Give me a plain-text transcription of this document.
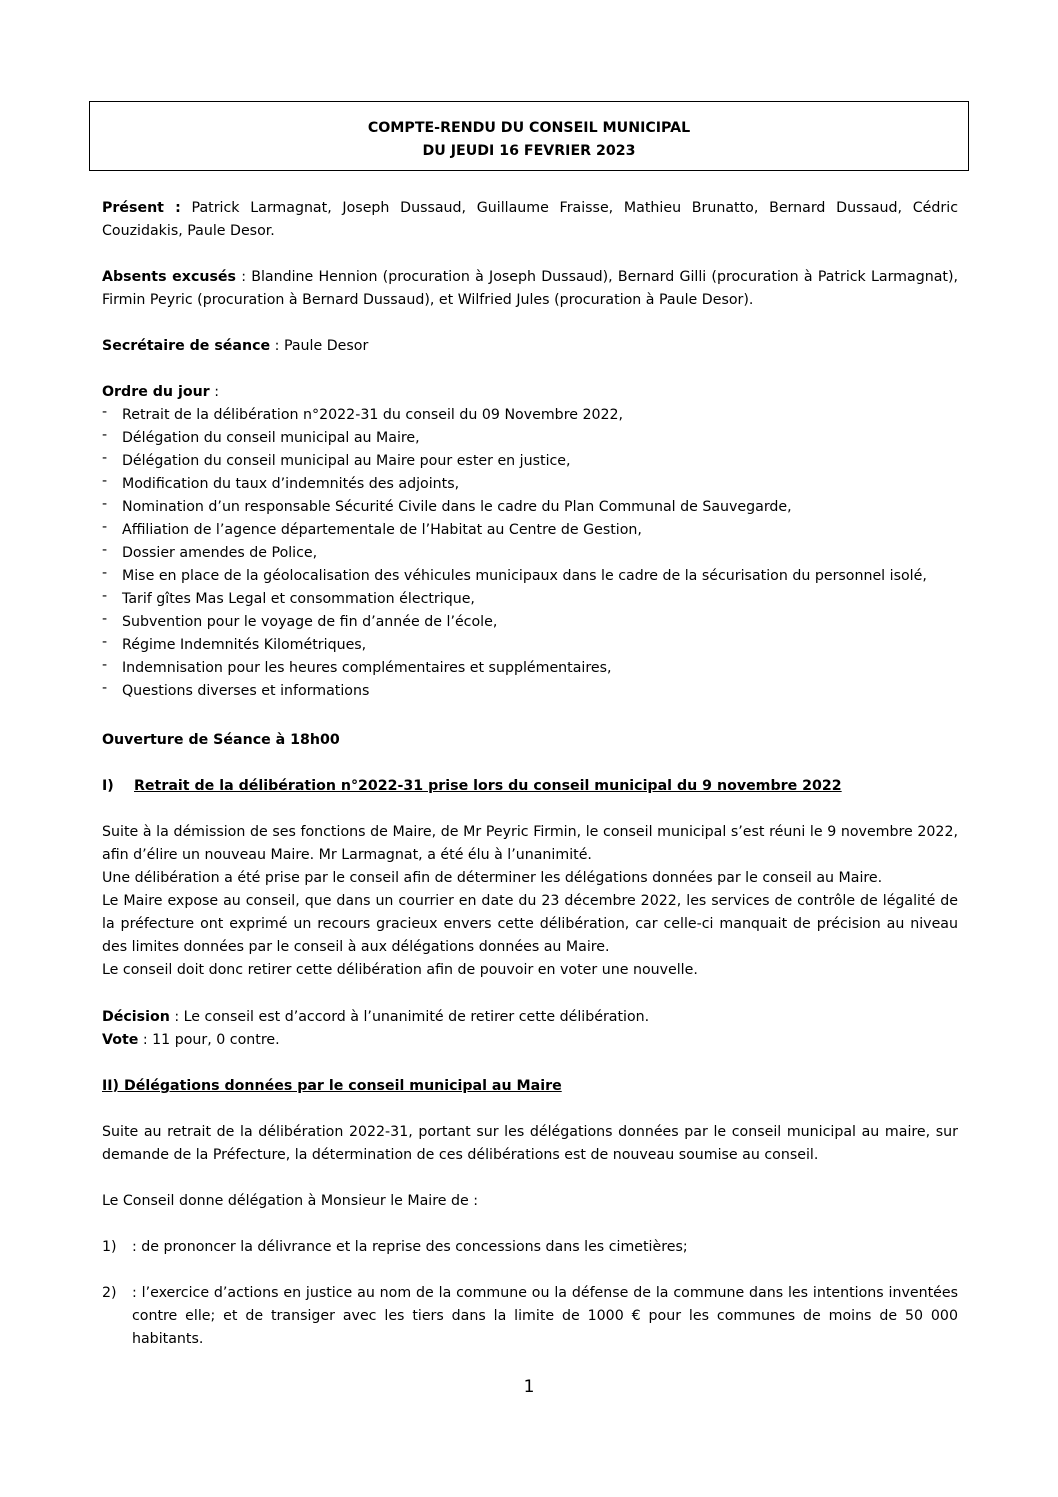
COMPTE-RENDU DU CONSEIL MUNICIPAL
DU JEUDI 16 FEVRIER 2023
Présent : Patrick Larmagnat, Joseph Dussaud, Guillaume Fraisse, Mathieu Brunatto, Bernard Dussaud, Cédric Couzidakis, Paule Desor.
Absents excusés : Blandine Hennion (procuration à Joseph Dussaud), Bernard Gilli (procuration à Patrick Larmagnat), Firmin Peyric (procuration à Bernard Dussaud), et Wilfried Jules (procuration à Paule Desor).
Secrétaire de séance : Paule Desor
Ordre du jour :
- Retrait de la délibération n°2022-31 du conseil du 09 Novembre 2022,
- Délégation du conseil municipal au Maire,
- Délégation du conseil municipal au Maire pour ester en justice,
- Modification du taux d’indemnités des adjoints,
- Nomination d’un responsable Sécurité Civile dans le cadre du Plan Communal de Sauvegarde,
- Affiliation de l’agence départementale de l’Habitat au Centre de Gestion,
- Dossier amendes de Police,
- Mise en place de la géolocalisation des véhicules municipaux dans le cadre de la sécurisation du personnel isolé,
- Tarif gîtes Mas Legal et consommation électrique,
- Subvention pour le voyage de fin d’année de l’école,
- Régime Indemnités Kilométriques,
- Indemnisation pour les heures complémentaires et supplémentaires,
- Questions diverses et informations
Ouverture de Séance à 18h00
I) Retrait de la délibération n°2022-31 prise lors du conseil municipal du 9 novembre 2022
Suite à la démission de ses fonctions de Maire, de Mr Peyric Firmin, le conseil municipal s’est réuni le 9 novembre 2022, afin d’élire un nouveau Maire. Mr Larmagnat, a été élu à l’unanimité.
Une délibération a été prise par le conseil afin de déterminer les délégations données par le conseil au Maire.
Le Maire expose au conseil, que dans un courrier en date du 23 décembre 2022, les services de contrôle de légalité de la préfecture ont exprimé un recours gracieux envers cette délibération, car celle-ci manquait de précision au niveau des limites données par le conseil à aux délégations données au Maire.
Le conseil doit donc retirer cette délibération afin de pouvoir en voter une nouvelle.
Décision : Le conseil est d’accord à l’unanimité de retirer cette délibération.
Vote : 11 pour, 0 contre.
II) Délégations données par le conseil municipal au Maire
Suite au retrait de la délibération 2022-31, portant sur les délégations données par le conseil municipal au maire, sur demande de la Préfecture, la détermination de ces délibérations est de nouveau soumise au conseil.
Le Conseil donne délégation à Monsieur le Maire de :
1) : de prononcer la délivrance et la reprise des concessions dans les cimetières;
2) : l’exercice d’actions en justice au nom de la commune ou la défense de la commune dans les intentions inventées contre elle; et de transiger avec les tiers dans la limite de 1000 € pour les communes de moins de 50 000 habitants.
1
